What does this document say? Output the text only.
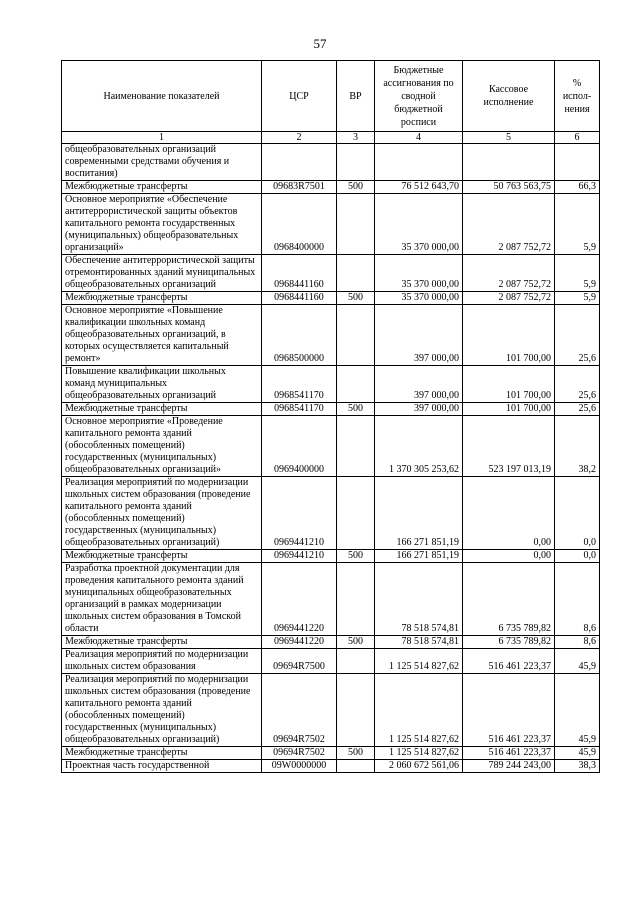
57
Наименование показателей	ЦСР	ВР	Бюджетные ассигнования по сводной бюджетной росписи	Кассовое исполнение	% испол-нения
1	2	3	4	5	6
общеобразовательных организаций современными средствами обучения и воспитания)					
Межбюджетные трансферты	09683R7501	500	76 512 643,70	50 763 563,75	66,3
Основное мероприятие «Обеспечение антитеррористической защиты объектов капитального ремонта государственных (муниципальных) общеобразовательных организаций»	0968400000		35 370 000,00	2 087 752,72	5,9
Обеспечение антитеррористической защиты отремонтированных зданий муниципальных общеобразовательных организаций	0968441160		35 370 000,00	2 087 752,72	5,9
Межбюджетные трансферты	0968441160	500	35 370 000,00	2 087 752,72	5,9
Основное мероприятие «Повышение квалификации школьных команд общеобразовательных организаций, в которых осуществляется капитальный ремонт»	0968500000		397 000,00	101 700,00	25,6
Повышение квалификации школьных команд муниципальных общеобразовательных организаций	0968541170		397 000,00	101 700,00	25,6
Межбюджетные трансферты	0968541170	500	397 000,00	101 700,00	25,6
Основное мероприятие «Проведение капитального ремонта зданий (обособленных помещений) государственных (муниципальных) общеобразовательных организаций»	0969400000		1 370 305 253,62	523 197 013,19	38,2
Реализация мероприятий по модернизации школьных систем образования (проведение капитального ремонта зданий (обособленных помещений) государственных (муниципальных) общеобразовательных организаций)	0969441210		166 271 851,19	0,00	0,0
Межбюджетные трансферты	0969441210	500	166 271 851,19	0,00	0,0
Разработка проектной документации для проведения капитального ремонта зданий муниципальных общеобразовательных организаций в рамках модернизации школьных систем образования в Томской области	0969441220		78 518 574,81	6 735 789,82	8,6
Межбюджетные трансферты	0969441220	500	78 518 574,81	6 735 789,82	8,6
Реализация мероприятий по модернизации школьных систем образования	09694R7500		1 125 514 827,62	516 461 223,37	45,9
Реализация мероприятий по модернизации школьных систем образования (проведение капитального ремонта зданий (обособленных помещений) государственных (муниципальных) общеобразовательных организаций)	09694R7502		1 125 514 827,62	516 461 223,37	45,9
Межбюджетные трансферты	09694R7502	500	1 125 514 827,62	516 461 223,37	45,9
Проектная часть государственной	09W0000000		2 060 672 561,06	789 244 243,00	38,3
